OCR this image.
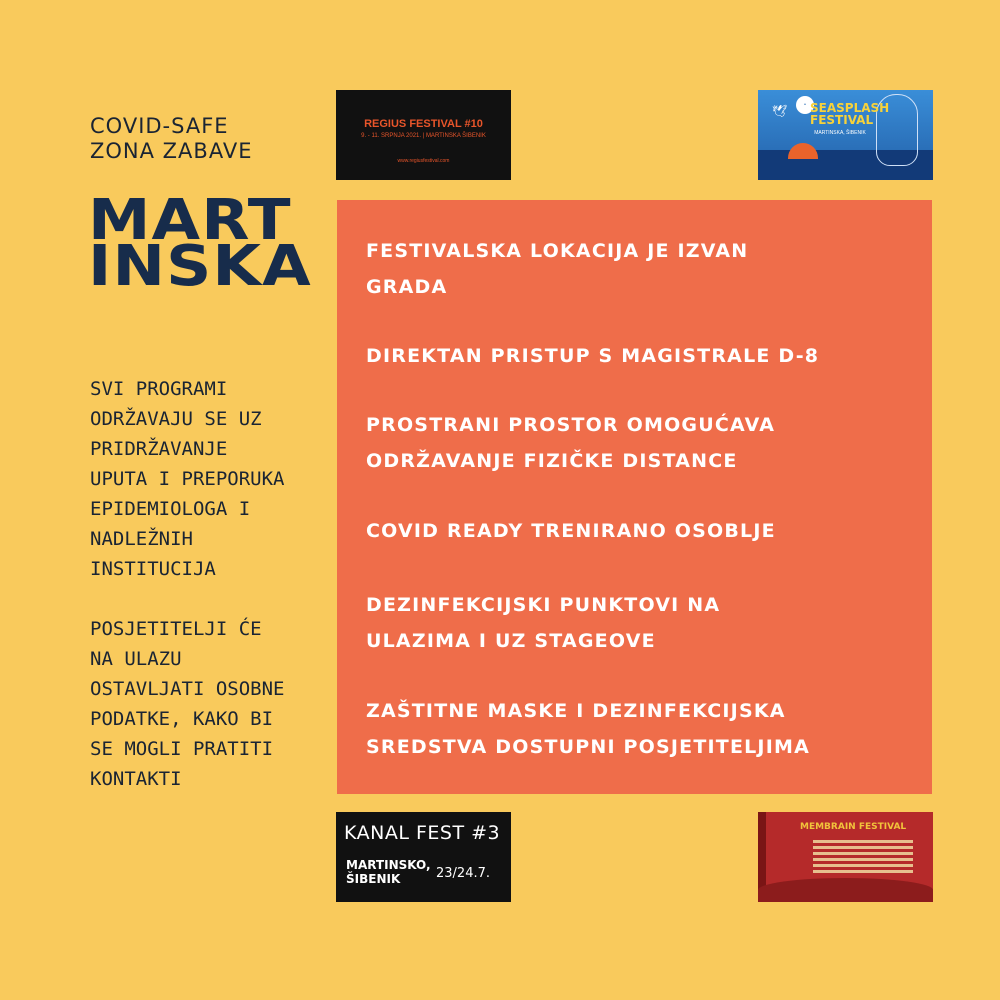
COVID-SAFE
ZONA ZABAVE
MART
INSKA
SVI PROGRAMI
ODRŽAVAJU SE UZ
PRIDRŽAVANJE
UPUTA I PREPORUKA
EPIDEMIOLOGA I
NADLEŽNIH
INSTITUCIJA
POSJETITELJI ĆE
NA ULAZU
OSTAVLJATI OSOBNE
PODATKE, KAKO BI
SE MOGLI PRATITI
KONTAKTI
FESTIVALSKA LOKACIJA JE IZVAN
GRADA
DIREKTAN PRISTUP S MAGISTRALE D-8
PROSTRANI PROSTOR OMOGUĆAVA
ODRŽAVANJE FIZIČKE DISTANCE
COVID READY TRENIRANO OSOBLJE
DEZINFEKCIJSKI PUNKTOVI NA
ULAZIMA I UZ STAGEOVE
ZAŠTITNE MASKE I DEZINFEKCIJSKA
SREDSTVA DOSTUPNI POSJETITELJIMA
REGIUS FESTIVAL #10
9. - 11. SRPNJA 2021. | MARTINSKA ŠIBENIK
www.regiusfestival.com
🕊	• SEASPLASH FESTIVAL
MARTINSKA, ŠIBENIK
KANAL FEST #3
MARTINSKO,
ŠIBENIK	23/24.7.
MEMBRAIN FESTIVAL
